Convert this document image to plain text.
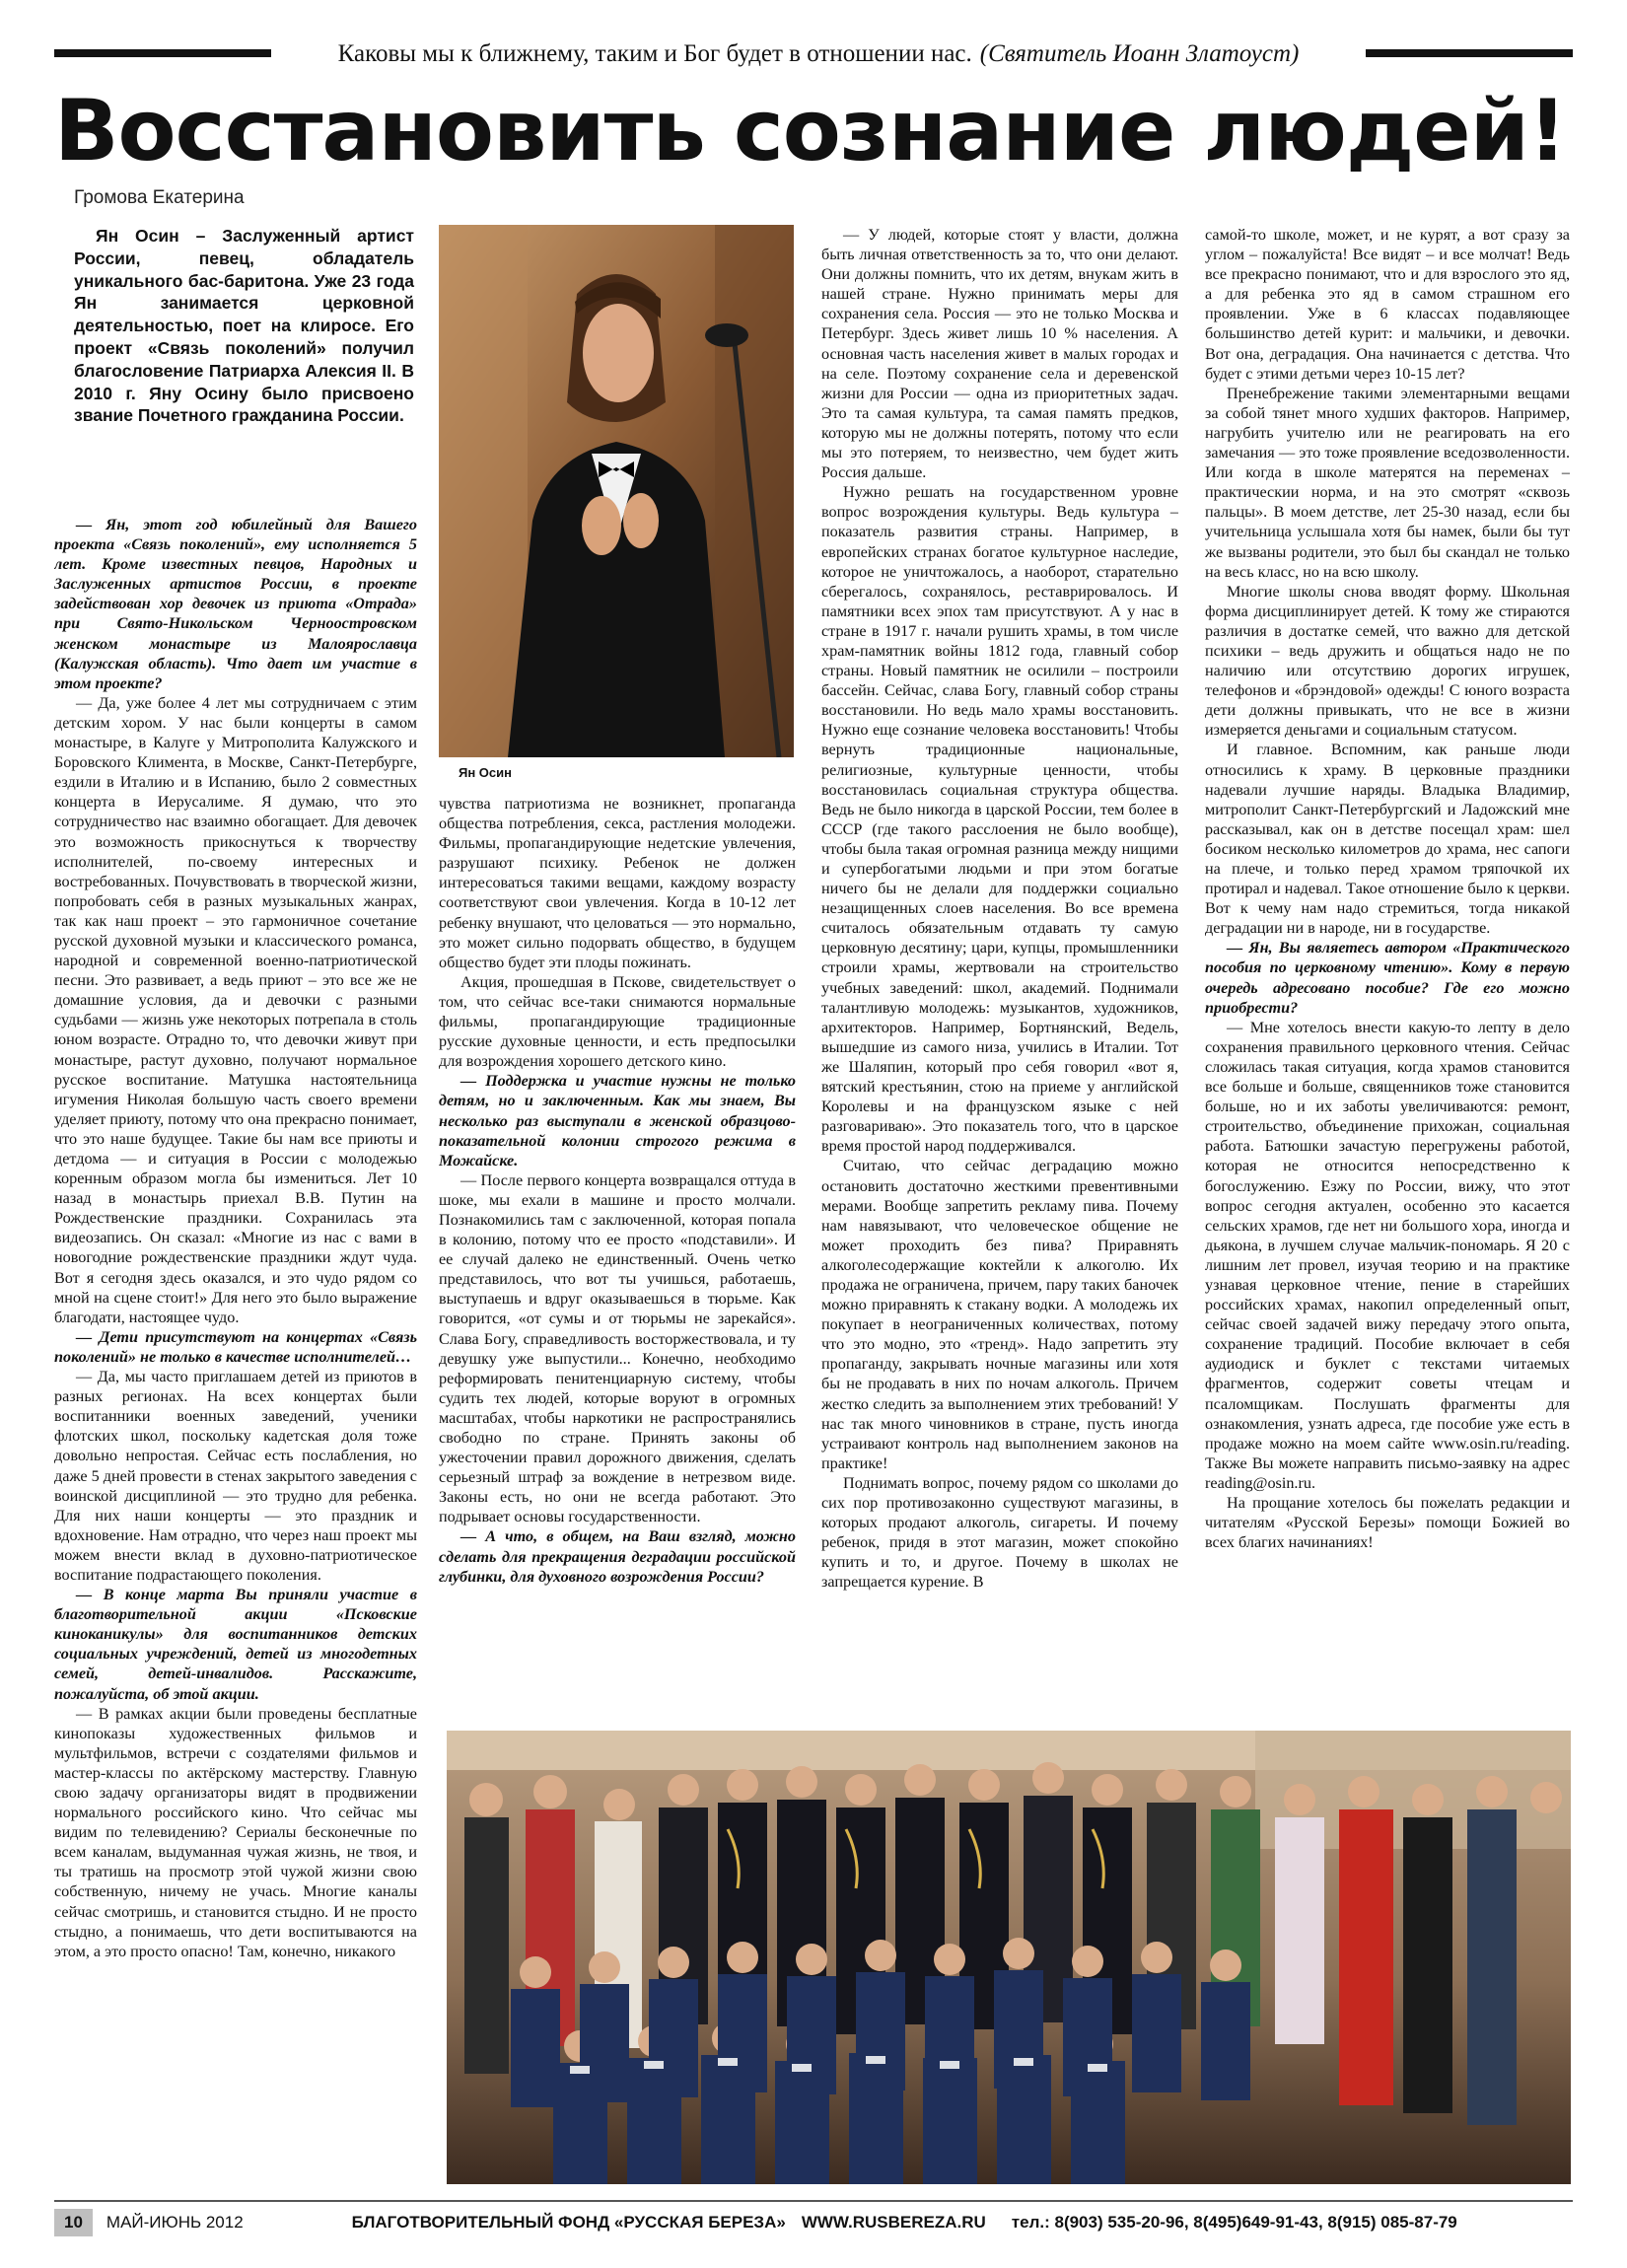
Каковы мы к ближнему, таким и Бог будет в отношении нас. (Святитель Иоанн Златоуст)
Восстановить сознание людей!
Громова Екатерина
Ян Осин – Заслуженный артист России, певец, обладатель уникального бас-баритона. Уже 23 года Ян занимается церковной деятельностью, поет на клиросе. Его проект «Связь поколений» получил благословение Патриарха Алексия II. В 2010 г. Яну Осину было присвоено звание Почетного гражданина России.

— Ян, этот год юбилейный для Вашего проекта «Связь поколений», ему исполняется 5 лет. Кроме известных певцов, Народных и Заслуженных артистов России, в проекте задействован хор девочек из приюта «Отрада» при Свято-Никольском Черноостровском женском монастыре из Малоярославца (Калужская область). Что дает им участие в этом проекте?

— Да, уже более 4 лет мы сотрудничаем с этим детским хором. У нас были концерты в самом монастыре, в Калуге у Митрополита Калужского и Боровского Климента, в Москве, Санкт-Петербурге, ездили в Италию и в Испанию, было 2 совместных концерта в Иерусалиме. Я думаю, что это сотрудничество нас взаимно обогащает. Для девочек это возможность прикоснуться к творчеству исполнителей, по-своему интересных и востребованных. Почувствовать в творческой жизни, попробовать себя в разных музыкальных жанрах, так как наш проект – это гармоничное сочетание русской духовной музыки и классического романса, народной и современной военно-патриотической песни. Это развивает, а ведь приют – это все же не домашние условия, да и девочки с разными судьбами — жизнь уже некоторых потрепала в столь юном возрасте. Отрадно то, что девочки живут при монастыре, растут духовно, получают нормальное русское воспитание. Матушка настоятельница игумения Николая большую часть своего времени уделяет приюту, потому что она прекрасно понимает, что это наше будущее. Такие бы нам все приюты и детдома — и ситуация в России с молодежью коренным образом могла бы измениться. Лет 10 назад в монастырь приехал В.В. Путин на Рождественские праздники. Сохранилась эта видеозапись. Он сказал: «Многие из нас с вами в новогодние рождественские праздники ждут чуда. Вот я сегодня здесь оказался, и это чудо рядом со мной на сцене стоит!» Для него это было выражение благодати, настоящее чудо.

— Дети присутствуют на концертах «Связь поколений» не только в качестве исполнителей…

— Да, мы часто приглашаем детей из приютов в разных регионах. На всех концертах были воспитанники военных заведений, ученики флотских школ, поскольку кадетская доля тоже довольно непростая. Сейчас есть послабления, но даже 5 дней провести в стенах закрытого заведения с воинской дисциплиной — это трудно для ребенка. Для них наши концерты — это праздник и вдохновение. Нам отрадно, что через наш проект мы можем внести вклад в духовно-патриотическое воспитание подрастающего поколения.

— В конце марта Вы приняли участие в благотворительной акции «Псковские киноканикулы» для воспитанников детских социальных учреждений, детей из многодетных семей, детей-инвалидов. Расскажите, пожалуйста, об этой акции.

— В рамках акции были проведены бесплатные кинопоказы художественных фильмов и мультфильмов, встречи с создателями фильмов и мастер-классы по актёрскому мастерству. Главную свою задачу организаторы видят в продвижении нормального российского кино. Что сейчас мы видим по телевидению? Сериалы бесконечные по всем каналам, выдуманная чужая жизнь, не твоя, и ты тратишь на просмотр этой чужой жизни свою собственную, ничему не учась. Многие каналы сейчас смотришь, и становится стыдно. И не просто стыдно, а понимаешь, что дети воспитываются на этом, а это просто опасно! Там, конечно, никакого

чувства патриотизма не возникнет, пропаганда общества потребления, секса, растления молодежи. Фильмы, пропагандирующие недетские увлечения, разрушают психику. Ребенок не должен интересоваться такими вещами, каждому возрасту соответствуют свои увлечения. Когда в 10-12 лет ребенку внушают, что целоваться — это нормально, это может сильно подорвать общество, в будущем общество будет эти плоды пожинать.

Акция, прошедшая в Пскове, свидетельствует о том, что сейчас все-таки снимаются нормальные фильмы, пропагандирующие традиционные русские духовные ценности, и есть предпосылки для возрождения хорошего детского кино.

— Поддержка и участие нужны не только детям, но и заключенным. Как мы знаем, Вы несколько раз выступали в женской образцово-показательной колонии строгого режима в Можайске.

— После первого концерта возвращался оттуда в шоке, мы ехали в машине и просто молчали. Познакомились там с заключенной, которая попала в колонию, потому что ее просто «подставили». И ее случай далеко не единственный. Очень четко представилось, что вот ты учишься, работаешь, выступаешь и вдруг оказываешься в тюрьме. Как говорится, «от сумы и от тюрьмы не зарекайся». Слава Богу, справедливость восторжествовала, и ту девушку уже выпустили... Конечно, необходимо реформировать пенитенциарную систему, чтобы судить тех людей, которые воруют в огромных масштабах, чтобы наркотики не распространялись свободно по стране. Принять законы об ужесточении правил дорожного движения, сделать серьезный штраф за вождение в нетрезвом виде. Законы есть, но они не всегда работают. Это подрывает основы государственности.

— А что, в общем, на Ваш взгляд, можно сделать для прекращения деградации российской глубинки, для духовного возрождения России?

— У людей, которые стоят у власти, должна быть личная ответственность за то, что они делают. Они должны помнить, что их детям, внукам жить в нашей стране. Нужно принимать меры для сохранения села. Россия — это не только Москва и Петербург. Здесь живет лишь 10 % населения. А основная часть населения живет в малых городах и на селе. Поэтому сохранение села и деревенской жизни для России — одна из приоритетных задач. Это та самая культура, та самая память предков, которую мы не должны потерять, потому что если мы это потеряем, то неизвестно, чем будет жить Россия дальше.

Нужно решать на государственном уровне вопрос возрождения культуры. Ведь культура – показатель развития страны. Например, в европейских странах богатое культурное наследие, которое не уничтожалось, а наоборот, старательно сберегалось, сохранялось, реставрировалось. И памятники всех эпох там присутствуют. А у нас в стране в 1917 г. начали рушить храмы, в том числе храм-памятник войны 1812 года, главный собор страны. Новый памятник не осилили – построили бассейн. Сейчас, слава Богу, главный собор страны восстановили. Но ведь мало храмы восстановить. Нужно еще сознание человека восстановить! Чтобы вернуть традиционные национальные, религиозные, культурные ценности, чтобы восстановилась социальная структура общества. Ведь не было никогда в царской России, тем более в СССР (где такого расслоения не было вообще), чтобы была такая огромная разница между нищими и супербогатыми людьми и при этом богатые ничего бы не делали для поддержки социально незащищенных слоев населения. Во все времена считалось обязательным отдавать ту самую церковную десятину; цари, купцы, промышленники строили храмы, жертвовали на строительство учебных заведений: школ, академий. Поднимали талантливую молодежь: музыкантов, художников, архитекторов. Например, Бортнянский, Ведель, вышедшие из самого низа, учились в Италии. Тот же Шаляпин, который про себя говорил «вот я, вятский крестьянин, стою на приеме у английской Королевы и на французском языке с ней разговариваю». Это показатель того, что в царское время простой народ поддерживался.

Считаю, что сейчас деградацию можно остановить достаточно жесткими превентивными мерами. Вообще запретить рекламу пива. Почему нам навязывают, что человеческое общение не может проходить без пива? Приравнять алкоголесодержащие коктейли к алкоголю. Их продажа не ограничена, причем, пару таких баночек можно приравнять к стакану водки. А молодежь их покупает в неограниченных количествах, потому что это модно, это «тренд». Надо запретить эту пропаганду, закрывать ночные магазины или хотя бы не продавать в них по ночам алкоголь. Причем жестко следить за выполнением этих требований! У нас так много чиновников в стране, пусть иногда устраивают контроль над выполнением законов на практике!

Поднимать вопрос, почему рядом со школами до сих пор противозаконно существуют магазины, в которых продают алкоголь, сигареты. И почему ребенок, придя в этот магазин, может спокойно купить и то, и другое. Почему в школах не запрещается курение. В

самой-то школе, может, и не курят, а вот сразу за углом – пожалуйста! Все видят – и все молчат! Ведь все прекрасно понимают, что и для взрослого это яд, а для ребенка это яд в самом страшном его проявлении. Уже в 6 классах подавляющее большинство детей курит: и мальчики, и девочки. Вот она, деградация. Она начинается с детства. Что будет с этими детьми через 10-15 лет?

Пренебрежение такими элементарными вещами за собой тянет много худших факторов. Например, нагрубить учителю или не реагировать на его замечания — это тоже проявление вседозволенности. Или когда в школе матерятся на переменах – практическии норма, и на это смотрят «сквозь пальцы». В моем детстве, лет 25-30 назад, если бы учительница услышала хотя бы намек, были бы тут же вызваны родители, это был бы скандал не только на весь класс, но на всю школу.

Многие школы снова вводят форму. Школьная форма дисциплинирует детей. К тому же стираются различия в достатке семей, что важно для детской психики – ведь дружить и общаться надо не по наличию или отсутствию дорогих игрушек, телефонов и «брэндовой» одежды! С юного возраста дети должны привыкать, что не все в жизни измеряется деньгами и социальным статусом.

И главное. Вспомним, как раньше люди относились к храму. В церковные праздники надевали лучшие наряды. Владыка Владимир, митрополит Санкт-Петербургский и Ладожский мне рассказывал, как он в детстве посещал храм: шел босиком несколько километров до храма, нес сапоги на плече, и только перед храмом тряпочкой их протирал и надевал. Такое отношение было к церкви. Вот к чему нам надо стремиться, тогда никакой деградации ни в народе, ни в государстве.

— Ян, Вы являетесь автором «Практического пособия по церковному чтению». Кому в первую очередь адресовано пособие? Где его можно приобрести?

— Мне хотелось внести какую-то лепту в дело сохранения правильного церковного чтения. Сейчас сложилась такая ситуация, когда храмов становится все больше и больше, священников тоже становится больше, но и их заботы увеличиваются: ремонт, строительство, объединение прихожан, социальная работа. Батюшки зачастую перегружены работой, которая не относится непосредственно к богослужению. Езжу по России, вижу, что этот вопрос сегодня актуален, особенно это касается сельских храмов, где нет ни большого хора, иногда и дьякона, в лучшем случае мальчик-пономарь. Я 20 с лишним лет провел, изучая теорию и на практике узнавая церковное чтение, пение в старейших российских храмах, накопил определенный опыт, сейчас своей задачей вижу передачу этого опыта, сохранение традиций. Пособие включает в себя аудиодиск и буклет с текстами читаемых фрагментов, содержит советы чтецам и псаломщикам. Послушать фрагменты для ознакомления, узнать адреса, где пособие уже есть в продаже можно на моем сайте www.osin.ru/reading. Также Вы можете направить письмо-заявку на адрес reading@osin.ru.

На прощание хотелось бы пожелать редакции и читателям «Русской Березы» помощи Божией во всех благих начинаниях!

Ян Осин
10	МАЙ-ИЮНЬ 2012	БЛАГОТВОРИТЕЛЬНЫЙ ФОНД «РУССКАЯ БЕРЕЗА» WWW.RUSBEREZA.RU тел.: 8(903) 535-20-96, 8(495)649-91-43, 8(915) 085-87-79
